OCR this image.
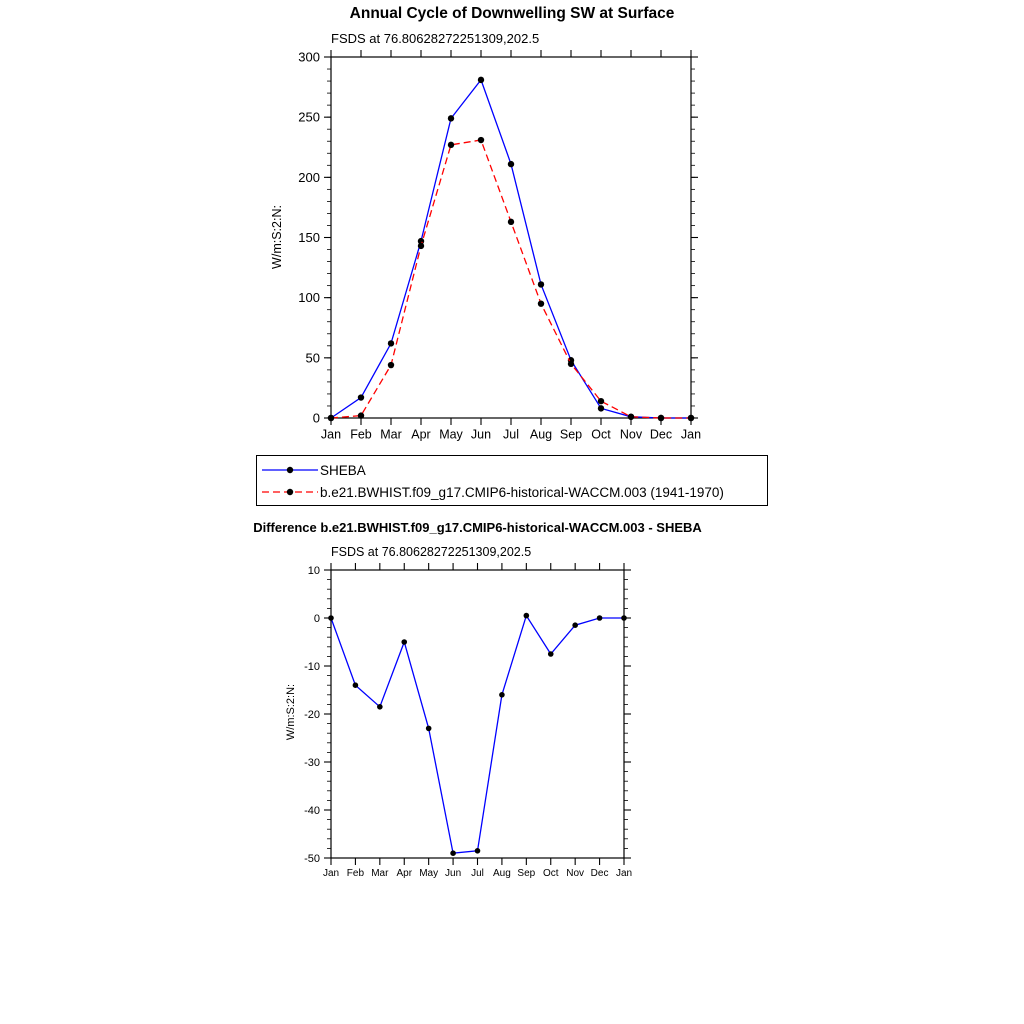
Annual Cycle of Downwelling SW at Surface
FSDS at 76.80628272251309,202.5
W/m:S:2:N:
0
50
100
150
200
250
300
Jan Feb Mar Apr May Jun Jul Aug Sep Oct Nov Dec Jan
SHEBA
b.e21.BWHIST.f09_g17.CMIP6-historical-WACCM.003 (1941-1970)
Difference b.e21.BWHIST.f09_g17.CMIP6-historical-WACCM.003 - SHEBA
FSDS at 76.80628272251309,202.5
W/m:S:2:N:
-50
-40
-30
-20
-10
0
10
Jan Feb Mar Apr May Jun Jul Aug Sep Oct Nov Dec Jan
